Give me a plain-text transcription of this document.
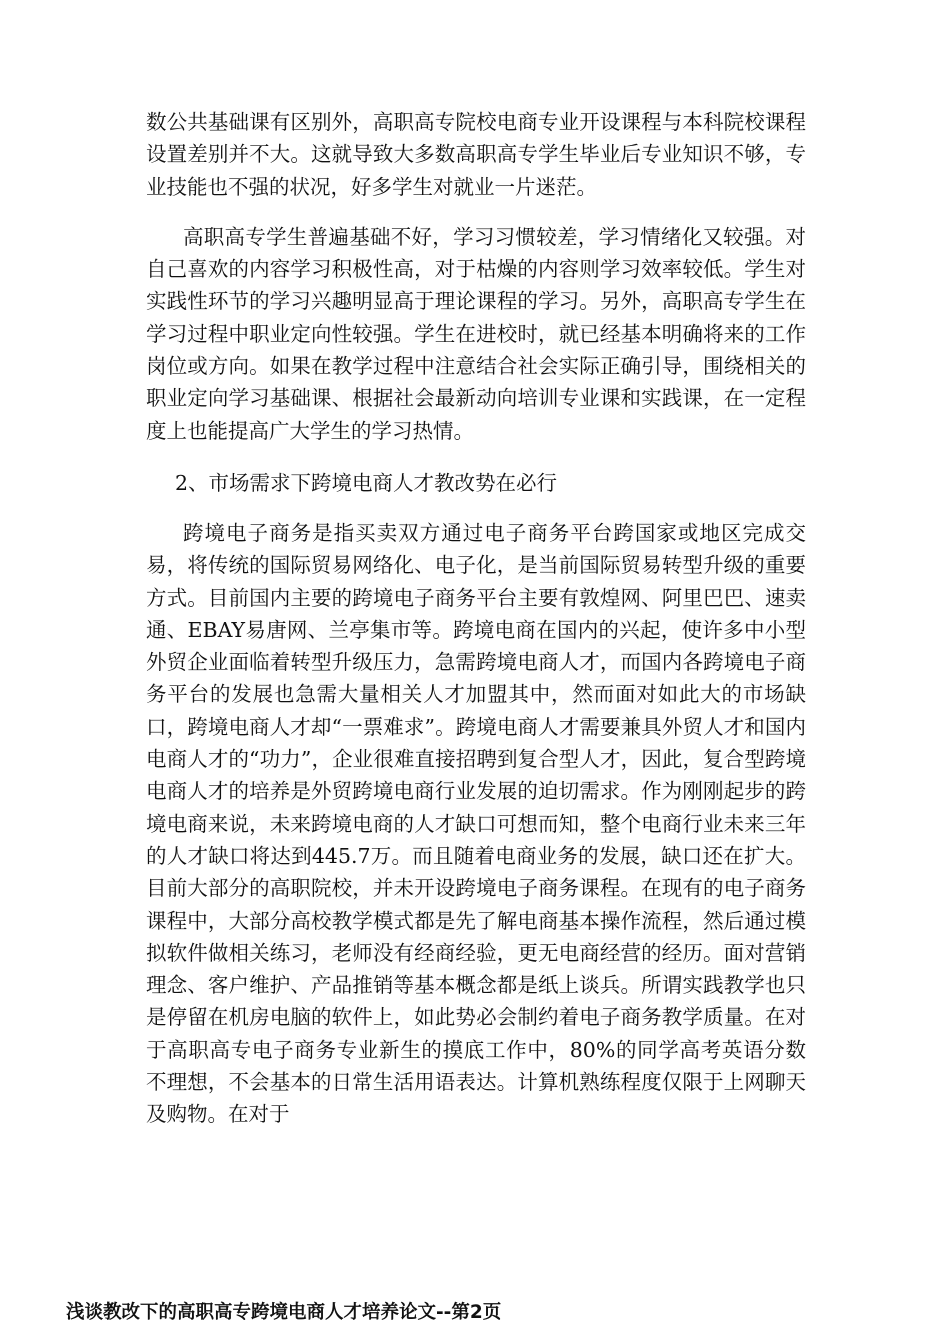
数公共基础课有区别外，高职高专院校电商专业开设课程与本科院校课程设置差别并不大。这就导致大多数高职高专学生毕业后专业知识不够，专业技能也不强的状况，好多学生对就业一片迷茫。

高职高专学生普遍基础不好，学习习惯较差，学习情绪化又较强。对自己喜欢的内容学习积极性高，对于枯燥的内容则学习效率较低。学生对实践性环节的学习兴趣明显高于理论课程的学习。另外，高职高专学生在学习过程中职业定向性较强。学生在进校时，就已经基本明确将来的工作岗位或方向。如果在教学过程中注意结合社会实际正确引导，围绕相关的职业定向学习基础课、根据社会最新动向培训专业课和实践课，在一定程度上也能提高广大学生的学习热情。

2、市场需求下跨境电商人才教改势在必行

跨境电子商务是指买卖双方通过电子商务平台跨国家或地区完成交易，将传统的国际贸易网络化、电子化，是当前国际贸易转型升级的重要方式。目前国内主要的跨境电子商务平台主要有敦煌网、阿里巴巴、速卖通、EBAY易唐网、兰亭集市等。跨境电商在国内的兴起，使许多中小型外贸企业面临着转型升级压力，急需跨境电商人才，而国内各跨境电子商务平台的发展也急需大量相关人才加盟其中，然而面对如此大的市场缺口，跨境电商人才却“一票难求”。跨境电商人才需要兼具外贸人才和国内电商人才的“功力”，企业很难直接招聘到复合型人才，因此，复合型跨境电商人才的培养是外贸跨境电商行业发展的迫切需求。作为刚刚起步的跨境电商来说，未来跨境电商的人才缺口可想而知，整个电商行业未来三年的人才缺口将达到445.7万。而且随着电商业务的发展，缺口还在扩大。目前大部分的高职院校，并未开设跨境电子商务课程。在现有的电子商务课程中，大部分高校教学模式都是先了解电商基本操作流程，然后通过模拟软件做相关练习，老师没有经商经验，更无电商经营的经历。面对营销理念、客户维护、产品推销等基本概念都是纸上谈兵。所谓实践教学也只是停留在机房电脑的软件上，如此势必会制约着电子商务教学质量。在对于高职高专电子商务专业新生的摸底工作中，80%的同学高考英语分数不理想，不会基本的日常生活用语表达。计算机熟练程度仅限于上网聊天及购物。在对于

浅谈教改下的高职高专跨境电商人才培养论文--第2页
